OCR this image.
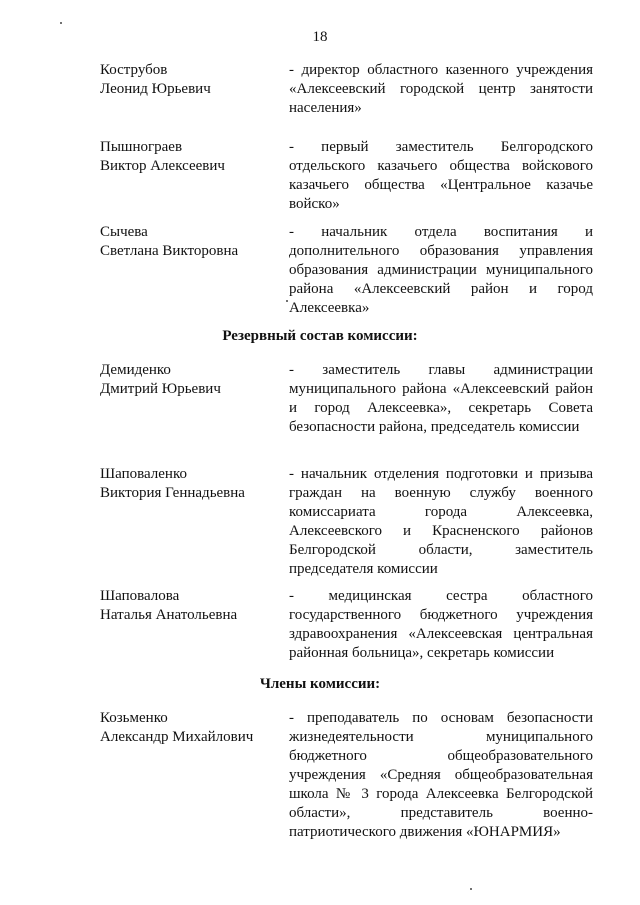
18
Кострубов
Леонид Юрьевич
- директор областного казенного учреждения «Алексеевский городской центр занятости населения»
Пышнограев
Виктор Алексеевич
- первый заместитель Белгородского отдельского казачьего общества войскового казачьего общества «Центральное казачье войско»
Сычева
Светлана Викторовна
- начальник отдела воспитания и дополнительного образования управления образования администрации муниципального района «Алексеевский район и город Алексеевка»
Резервный состав комиссии:
Демиденко
Дмитрий Юрьевич
- заместитель главы администрации муниципального района «Алексеевский район и город Алексеевка», секретарь Совета безопасности района, председатель комиссии
Шаповаленко
Виктория Геннадьевна
- начальник отделения подготовки и призыва граждан на военную службу военного комиссариата города Алексеевка, Алексеевского и Красненского районов Белгородской области, заместитель председателя комиссии
Шаповалова
Наталья Анатольевна
- медицинская сестра областного государственного бюджетного учреждения здравоохранения «Алексеевская центральная районная больница», секретарь комиссии
Члены комиссии:
Козьменко
Александр Михайлович
- преподаватель по основам безопасности жизнедеятельности муниципального бюджетного общеобразовательного учреждения «Средняя общеобразовательная школа № 3 города Алексеевка Белгородской области», представитель военно-патриотического движения «ЮНАРМИЯ»
